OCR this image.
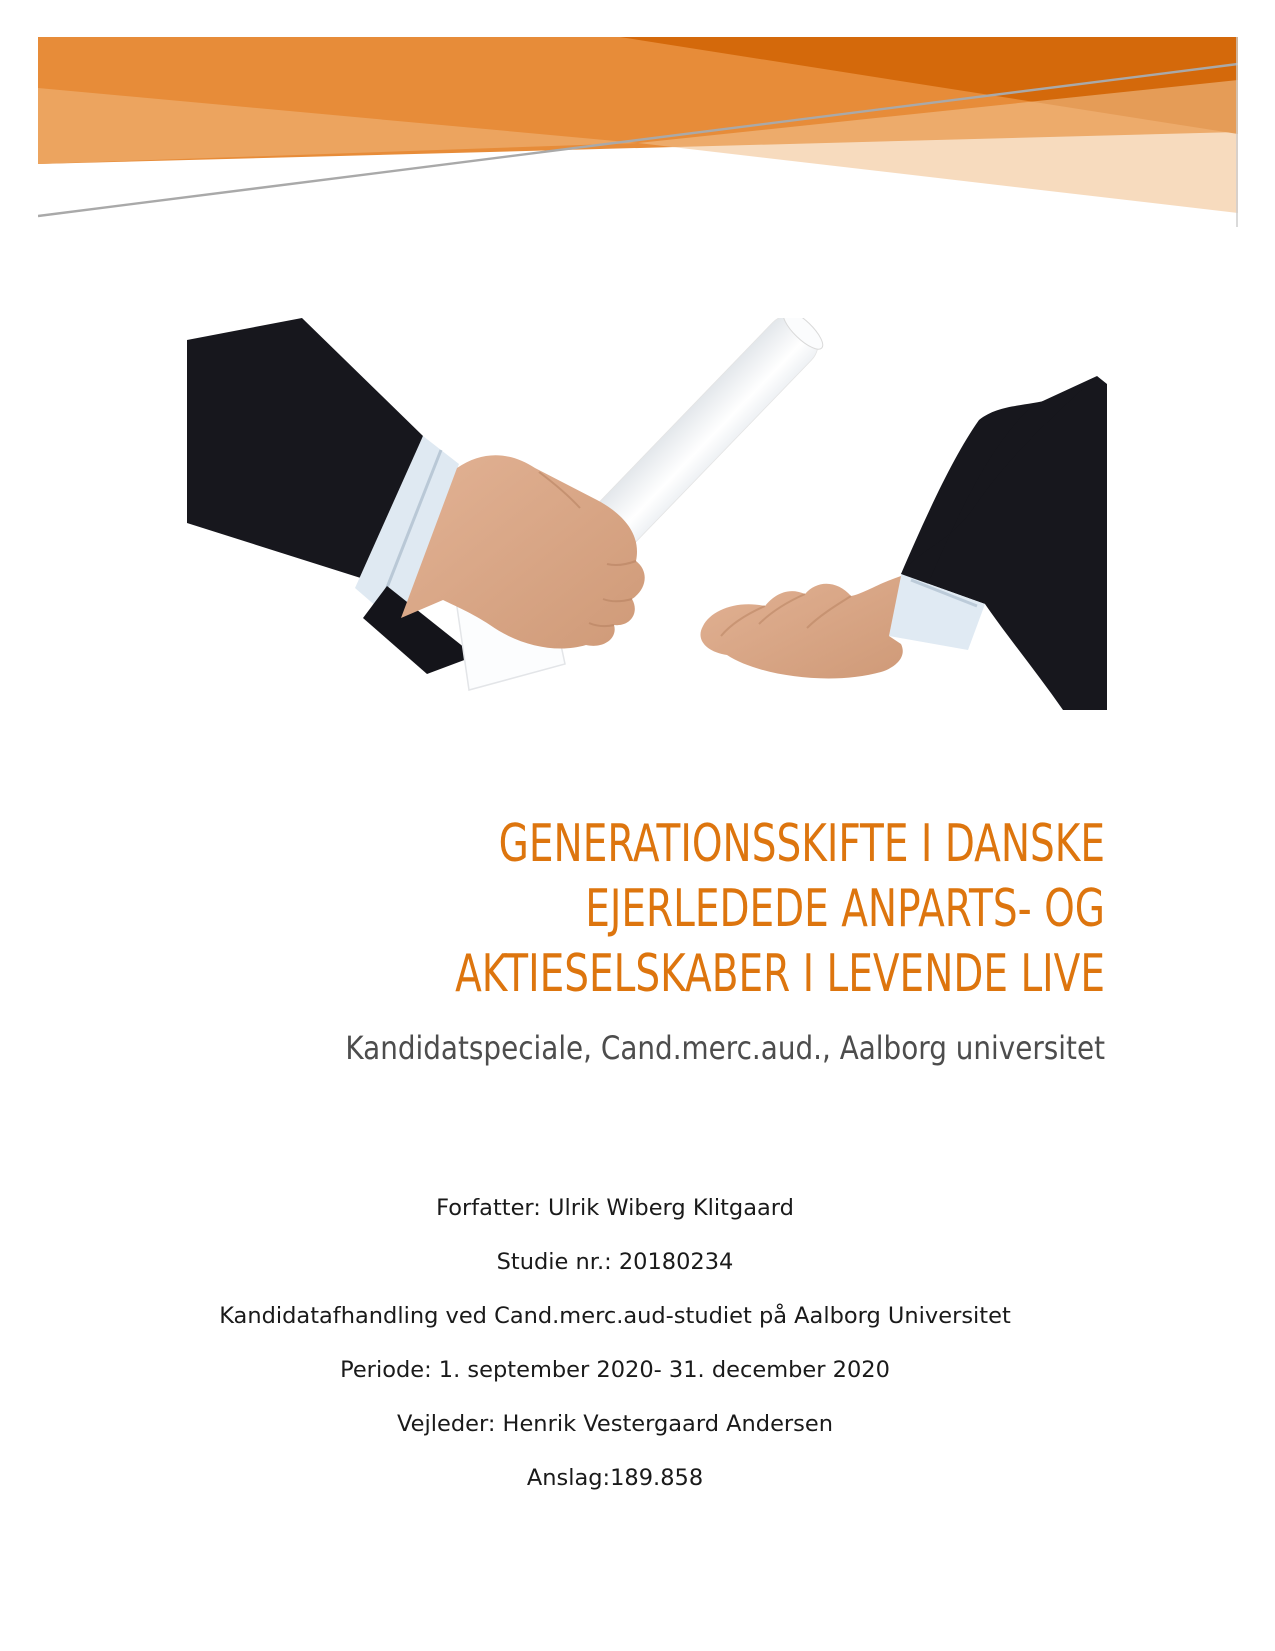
GENERATIONSSKIFTE I DANSKE
EJERLEDEDE ANPARTS- OG
AKTIESELSKABER I LEVENDE LIVE
Kandidatspeciale, Cand.merc.aud., Aalborg universitet
Forfatter: Ulrik Wiberg Klitgaard
Studie nr.: 20180234
Kandidatafhandling ved Cand.merc.aud-studiet på Aalborg Universitet
Periode: 1. september 2020- 31. december 2020
Vejleder: Henrik Vestergaard Andersen
Anslag:189.858
